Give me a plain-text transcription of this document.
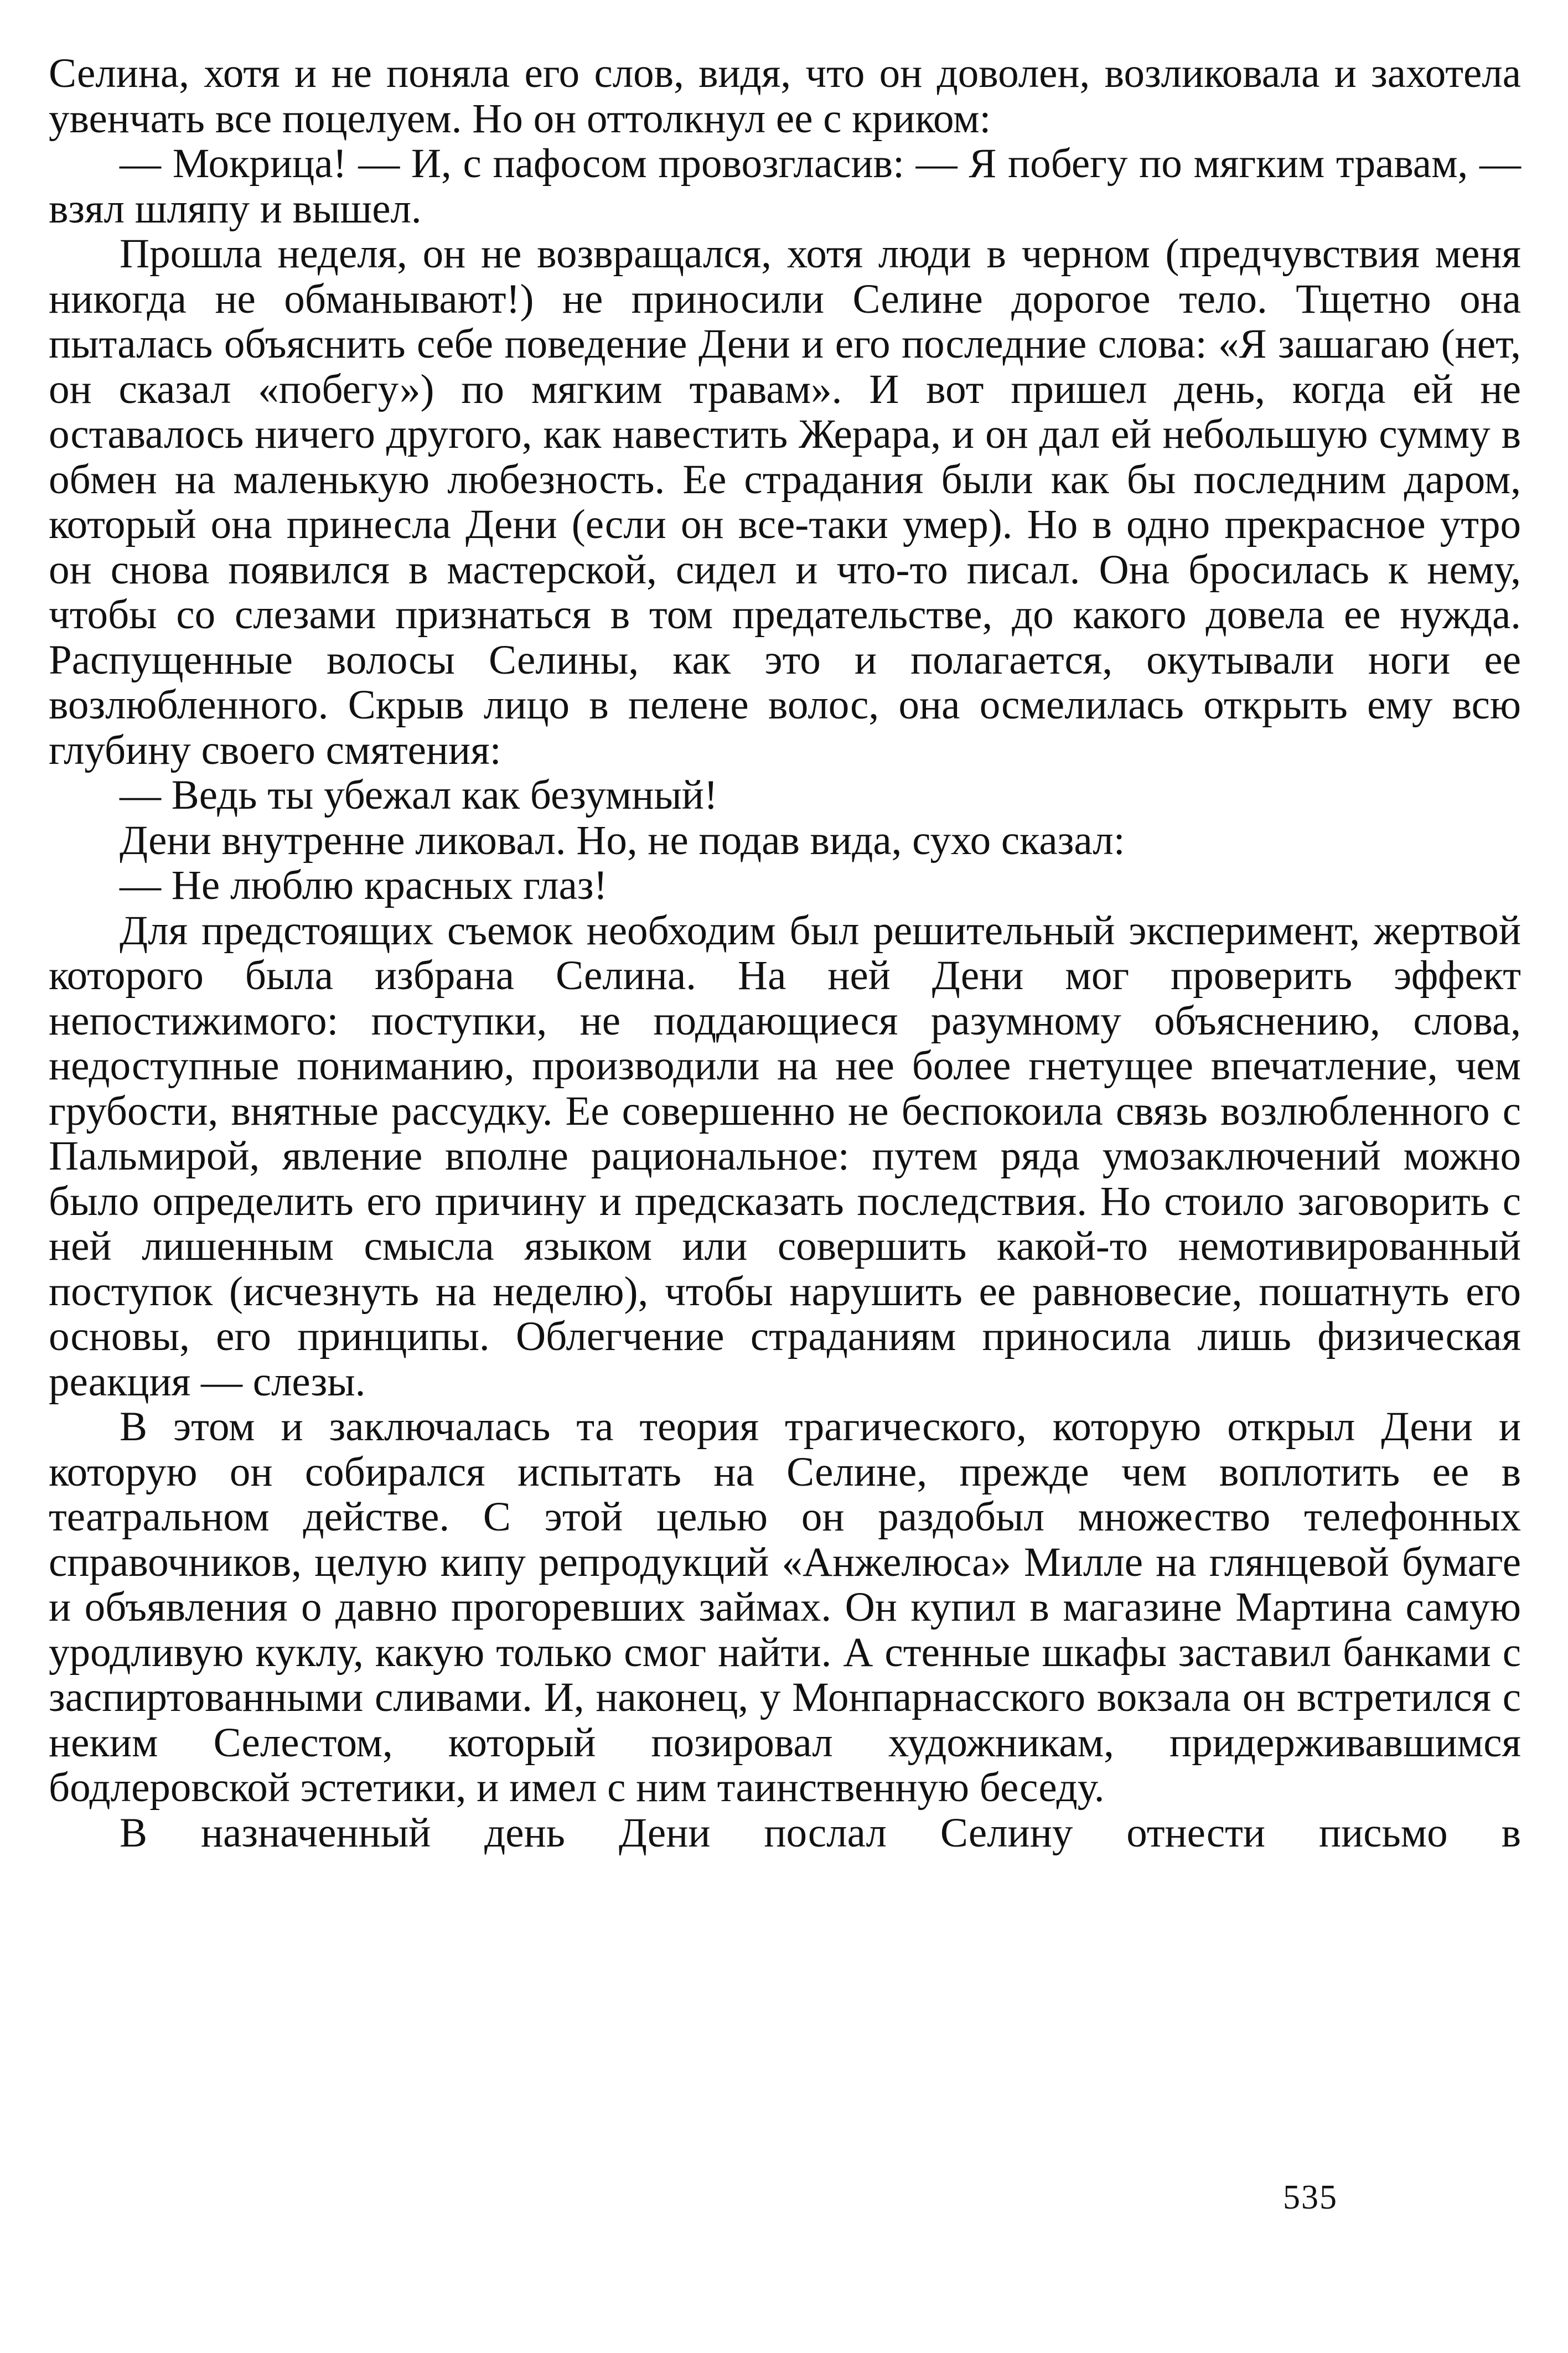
Селина, хотя и не поняла его слов, видя, что он доволен, возликовала и захотела увенчать все поцелуем. Но он оттолкнул ее с криком:

— Мокрица! — И, с пафосом провозгласив: — Я побегу по мягким травам, — взял шляпу и вышел.

Прошла неделя, он не возвращался, хотя люди в черном (предчувствия меня никогда не обманывают!) не приносили Селине дорогое тело. Тщетно она пыталась объяснить себе поведение Дени и его последние слова: «Я зашагаю (нет, он сказал «побегу») по мягким травам». И вот пришел день, когда ей не оставалось ничего другого, как навестить Жерара, и он дал ей небольшую сумму в обмен на маленькую любезность. Ее страдания были как бы последним даром, который она принесла Дени (если он все-таки умер). Но в одно прекрасное утро он снова появился в мастерской, сидел и что-то писал. Она бросилась к нему, чтобы со слезами признаться в том предательстве, до какого довела ее нужда. Распущенные волосы Селины, как это и полагается, окутывали ноги ее возлюбленного. Скрыв лицо в пелене волос, она осмелилась открыть ему всю глубину своего смятения:

— Ведь ты убежал как безумный!

Дени внутренне ликовал. Но, не подав вида, сухо сказал:

— Не люблю красных глаз!

Для предстоящих съемок необходим был решительный эксперимент, жертвой которого была избрана Селина. На ней Дени мог проверить эффект непостижимого: поступки, не поддающиеся разумному объяснению, слова, недоступные пониманию, производили на нее более гнетущее впечатление, чем грубости, внятные рассудку. Ее совершенно не беспокоила связь возлюбленного с Пальмирой, явление вполне рациональное: путем ряда умозаключений можно было определить его причину и предсказать последствия. Но стоило заговорить с ней лишенным смысла языком или совершить какой-то немотивированный поступок (исчезнуть на неделю), чтобы нарушить ее равновесие, пошатнуть его основы, его принципы. Облегчение страданиям приносила лишь физическая реакция — слезы.

В этом и заключалась та теория трагического, которую открыл Дени и которую он собирался испытать на Селине, прежде чем воплотить ее в театральном действе. С этой целью он раздобыл множество телефонных справочников, целую кипу репродукций «Анжелюса» Милле на глянцевой бумаге и объявления о давно прогоревших займах. Он купил в магазине Мартина самую уродливую куклу, какую только смог найти. А стенные шкафы заставил банками с заспиртованными сливами. И, наконец, у Монпарнасского вокзала он встретился с неким Селестом, который позировал художникам, придерживавшимся бодлеровской эстетики, и имел с ним таинственную беседу.

В назначенный день Дени послал Селину отнести письмо в

535
